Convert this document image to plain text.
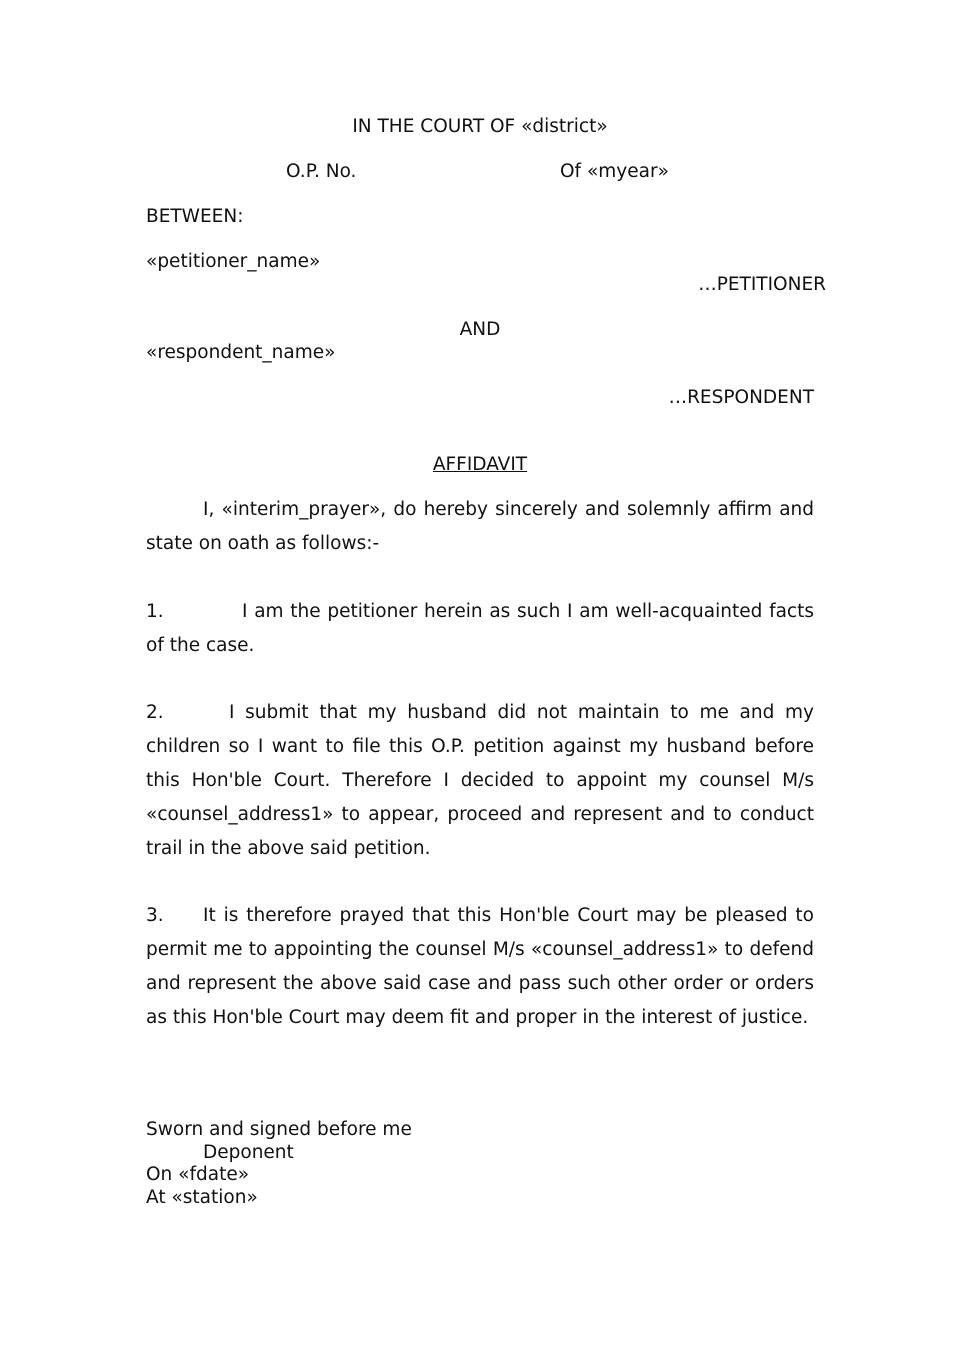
IN THE COURT OF «district»
O.P. No.	Of «myear»
BETWEEN:
«petitioner_name»
…PETITIONER
AND
«respondent_name»
…RESPONDENT
AFFIDAVIT
I, «interim_prayer», do hereby sincerely and solemnly affirm and state on oath as follows:-
1.	I am the petitioner herein as such I am well-acquainted facts of the case.
2.	I submit that my husband did not maintain to me and my children so I want to file this O.P. petition against my husband before this Hon'ble Court. Therefore I decided to appoint my counsel M/s «counsel_address1» to appear, proceed and represent and to conduct trail in the above said petition.
3. It is therefore prayed that this Hon'ble Court may be pleased to permit me to appointing the counsel M/s «counsel_address1» to defend and represent the above said case and pass such other order or orders as this Hon'ble Court may deem fit and proper in the interest of justice.
Sworn and signed before me
Deponent
On «fdate»
At «station»
